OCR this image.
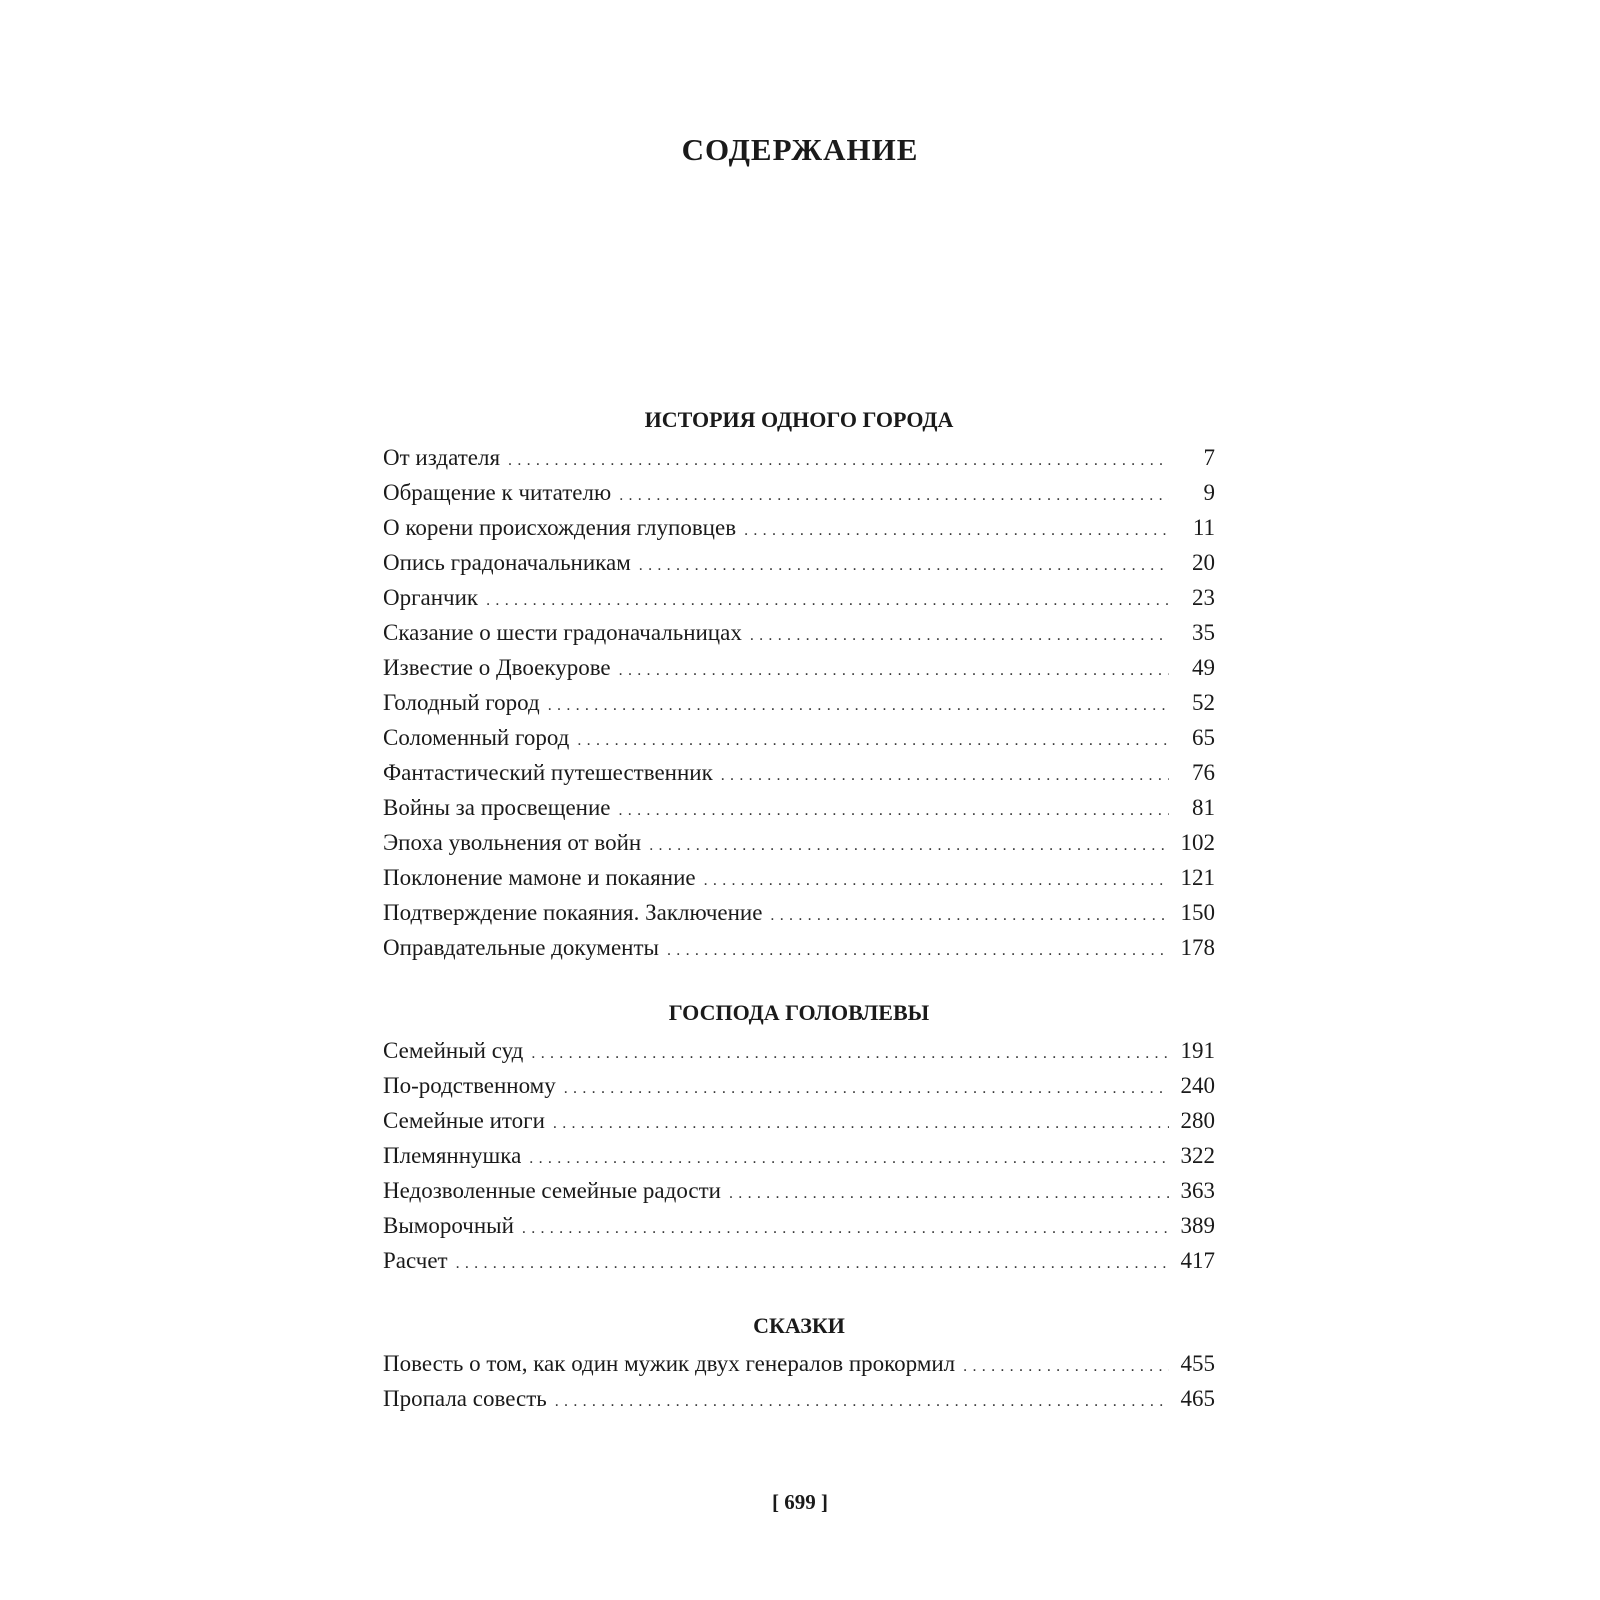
СОДЕРЖАНИЕ
ИСТОРИЯ ОДНОГО ГОРОДА
От издателя .....	7
Обращение к читателю .....	9
О корени происхождения глуповцев .....	11
Опись градоначальникам .....	20
Органчик .....	23
Сказание о шести градоначальницах .....	35
Известие о Двоекурове .....	49
Голодный город .....	52
Соломенный город .....	65
Фантастический путешественник .....	76
Войны за просвещение .....	81
Эпоха увольнения от войн .....	102
Поклонение мамоне и покаяние .....	121
Подтверждение покаяния. Заключение .....	150
Оправдательные документы .....	178
ГОСПОДА ГОЛОВЛЕВЫ
Семейный суд .....	191
По-родственному .....	240
Семейные итоги .....	280
Племяннушка .....	322
Недозволенные семейные радости .....	363
Выморочный .....	389
Расчет .....	417
СКАЗКИ
Повесть о том, как один мужик двух генералов прокормил .....	455
Пропала совесть .....	465
[ 699 ]
